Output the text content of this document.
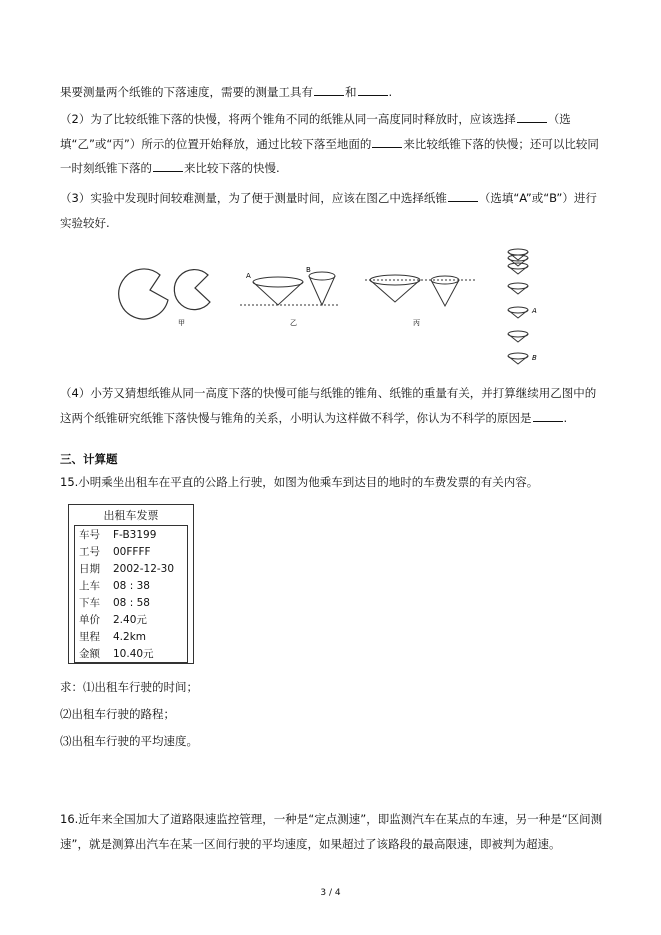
果要测量两个纸锥的下落速度，需要的测量工具有	和	.
（2）为了比较纸锥下落的快慢，将两个锥角不同的纸锥从同一高度同时释放时，应该选择	（选填“乙”或“丙”）所示的位置开始释放，通过比较下落至地面的	来比较纸锥下落的快慢；还可以比较同一时刻纸锥下落的	来比较下落的快慢.
（3）实验中发现时间较难测量，为了便于测量时间，应该在图乙中选择纸锥	（选填“A”或“B”）进行实验较好.
甲
A
B
乙	丙
A
B
（4）小芳又猜想纸锥从同一高度下落的快慢可能与纸锥的锥角、纸锥的重量有关，并打算继续用乙图中的这两个纸锥研究纸锥下落快慢与锥角的关系，小明认为这样做不科学，你认为不科学的原因是	.
三、计算题
15.小明乘坐出租车在平直的公路上行驶，如图为他乘车到达目的地时的车费发票的有关内容。
出租车发票
车号 F-B3199
工号 00FFFF
日期 2002-12-30
上车 08 : 38
下车 08 : 58
单价 2.40元
里程 4.2km
金额 10.40元
求：⑴出租车行驶的时间；
⑵出租车行驶的路程；
⑶出租车行驶的平均速度。
16.近年来全国加大了道路限速监控管理，一种是“定点测速”，即监测汽车在某点的车速，另一种是“区间测速”，就是测算出汽车在某一区间行驶的平均速度，如果超过了该路段的最高限速，即被判为超速。
3 / 4
